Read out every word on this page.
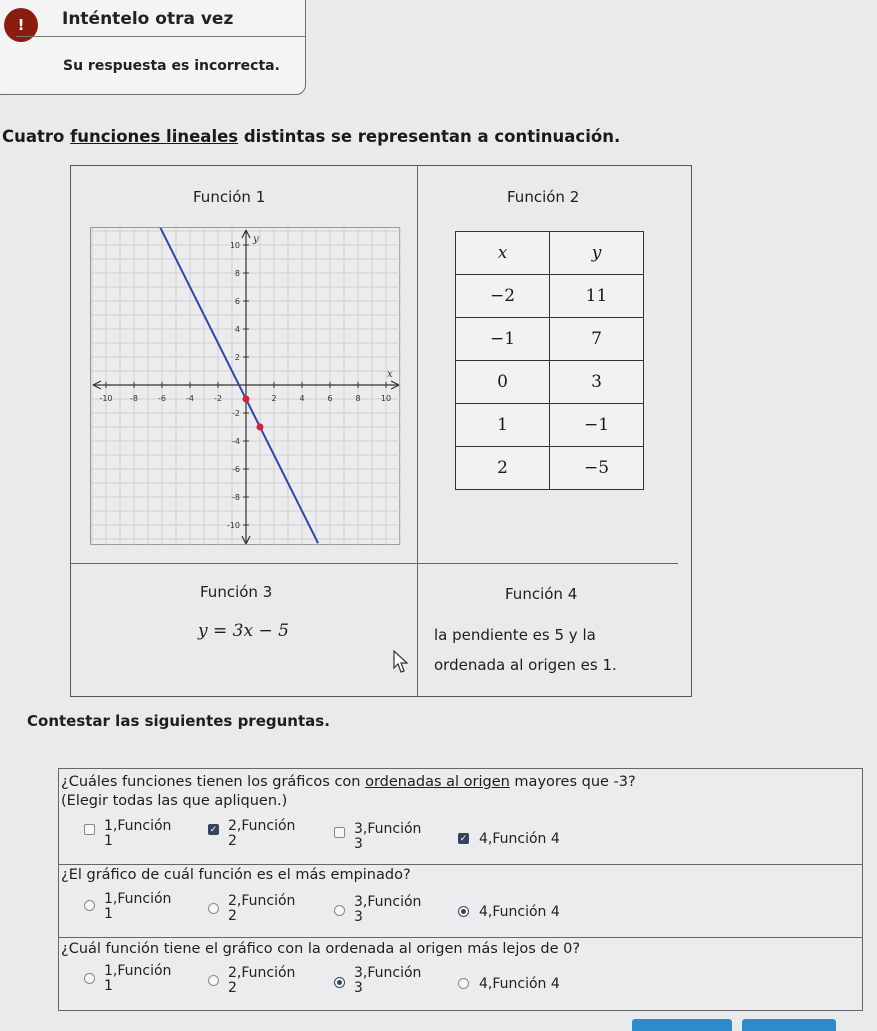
!	Inténtelo otra vez
Su respuesta es incorrecta.
Cuatro funciones lineales distintas se representan a continuación.
Función 1	Función 2
-10 -8	-6	-4	-2	2	4	6	8	10
10
8
6
4
2
-2
-4
-6
-8
-10
x
y
x	y
−2	11
−1	7
0	3
1	−1
2	−5
Función 3
y = 3x − 5
Función 4
la pendiente es 5 y la
ordenada al origen es 1.
Contestar las siguientes preguntas.
¿Cuáles funciones tienen los gráficos con ordenadas al origen mayores que -3?
(Elegir todas las que apliquen.)
1,Función
1
✓ 2,Función
2
3,Función
3	✓ 4,Función 4
¿El gráfico de cuál función es el más empinado?
1,Función
1
2,Función
2
3,Función
3	4,Función 4
¿Cuál función tiene el gráfico con la ordenada al origen más lejos de 0?
1,Función
1
2,Función
2
3,Función
3	4,Función 4
